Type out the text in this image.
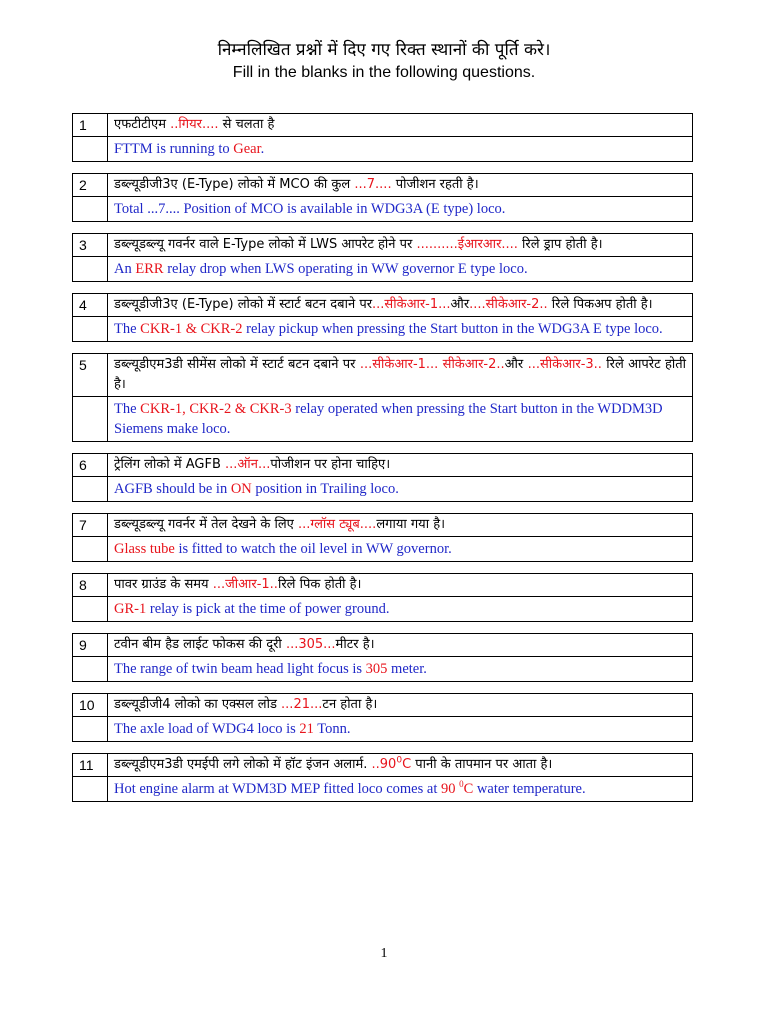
निम्नलिखित प्रश्नों में दिए गए रिक्त स्थानों की पूर्ति करे।
Fill in the blanks in the following questions.
1	एफटीटीएम ..गियर.... से चलता है
	FTTM is running to Gear.
2	डब्ल्यूडीजी3ए (E-Type) लोको में MCO की कुल ...7.... पोजीशन रहती है।
	Total ...7.... Position of MCO is available in WDG3A (E type) loco.
3	डब्ल्यूडब्ल्यू गवर्नर वाले E-Type लोको में LWS आपरेट होने पर ..........ईआरआर.... रिले ड्राप होती है।
	An ERR relay drop when LWS operating in WW governor E type loco.
4	डब्ल्यूडीजी3ए (E-Type) लोको में स्टार्ट बटन दबाने पर...सीकेआर-1...और....सीकेआर-2.. रिले पिकअप होती है।
	The CKR-1 & CKR-2 relay pickup when pressing the Start button in the WDG3A E type loco.
5	डब्ल्यूडीएम3डी सीमेंस लोको में स्टार्ट बटन दबाने पर ...सीकेआर-1... सीकेआर-2..और ...सीकेआर-3.. रिले आपरेट होती है।
	The CKR-1, CKR-2 & CKR-3 relay operated when pressing the Start button in the WDDM3D Siemens make loco.
6	ट्रेलिंग लोको में AGFB ...ऑन...पोजीशन पर होना चाहिए।
	AGFB should be in ON position in Trailing loco.
7	डब्ल्यूडब्ल्यू गवर्नर में तेल देखने के लिए ...ग्लॉस ट्यूब....लगाया गया है।
	Glass tube is fitted to watch the oil level in WW governor.
8	पावर ग्राउंड के समय ...जीआर-1..रिले पिक होती है।
	GR-1 relay is pick at the time of power ground.
9	टवीन बीम हैड लाईट फोकस की दूरी ...305...मीटर है।
	The range of twin beam head light focus is 305 meter.
10	डब्ल्यूडीजी4 लोको का एक्सल लोड ...21...टन होता है।
	The axle load of WDG4 loco is 21 Tonn.
11	डब्ल्यूडीएम3डी एमईपी लगे लोको में हॉट इंजन अलार्म. ..90$^0$C पानी के तापमान पर आता है।
	Hot engine alarm at WDM3D MEP fitted loco comes at 90 $^0$C water temperature.
1
